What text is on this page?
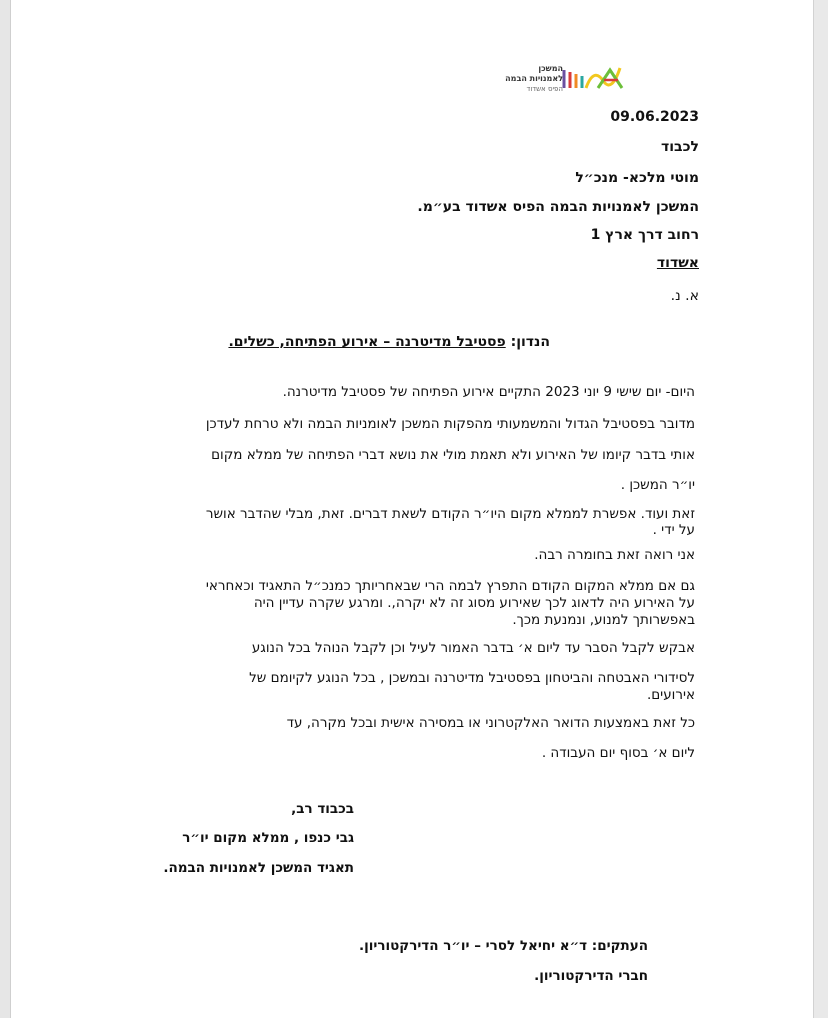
המשכן
לאמנויות הבמה
הפיס אשדוד
09.06.2023
לכבוד
מוטי מלכא- מנכ״ל
המשכן לאמנויות הבמה הפיס אשדוד בע״מ.
רחוב דרך ארץ 1
אשדוד
א. נ.
הנדון: פסטיבל מדיטרנה – אירוע הפתיחה, כשלים.
היום- יום שישי 9 יוני 2023 התקיים אירוע הפתיחה של פסטיבל מדיטרנה.
מדובר בפסטיבל הגדול והמשמעותי מהפקות המשכן לאומניות הבמה ולא טרחת לעדכן
אותי בדבר קיומו של האירוע ולא תאמת מולי את נושא דברי הפתיחה של ממלא מקום
יו״ר המשכן .
זאת ועוד. אפשרת לממלא מקום היו״ר הקודם לשאת דברים. זאת, מבלי שהדבר אושר
על ידי .
אני רואה זאת בחומרה רבה.
גם אם ממלא המקום הקודם התפרץ לבמה הרי שבאחריותך כמנכ״ל התאגיד וכאחראי
על האירוע היה לדאוג לכך שאירוע מסוג זה לא יקרה,. ומרגע שקרה עדיין היה
באפשרותך למנוע, ונמנעת מכך.
אבקש לקבל הסבר עד ליום א׳ בדבר האמור לעיל וכן לקבל הנוהל בכל הנוגע
לסידורי האבטחה והביטחון בפסטיבל מדיטרנה ובמשכן , בכל הנוגע לקיומם של
אירועים.
כל זאת באמצעות הדואר האלקטרוני או במסירה אישית ובכל מקרה, עד
ליום א׳ בסוף יום העבודה .
בכבוד רב,
גבי כנפו , ממלא מקום יו״ר
תאגיד המשכן לאמנויות הבמה.
העתקים: ד״א יחיאל לסרי – יו״ר הדירקטוריון.
חברי הדירקטוריון.
